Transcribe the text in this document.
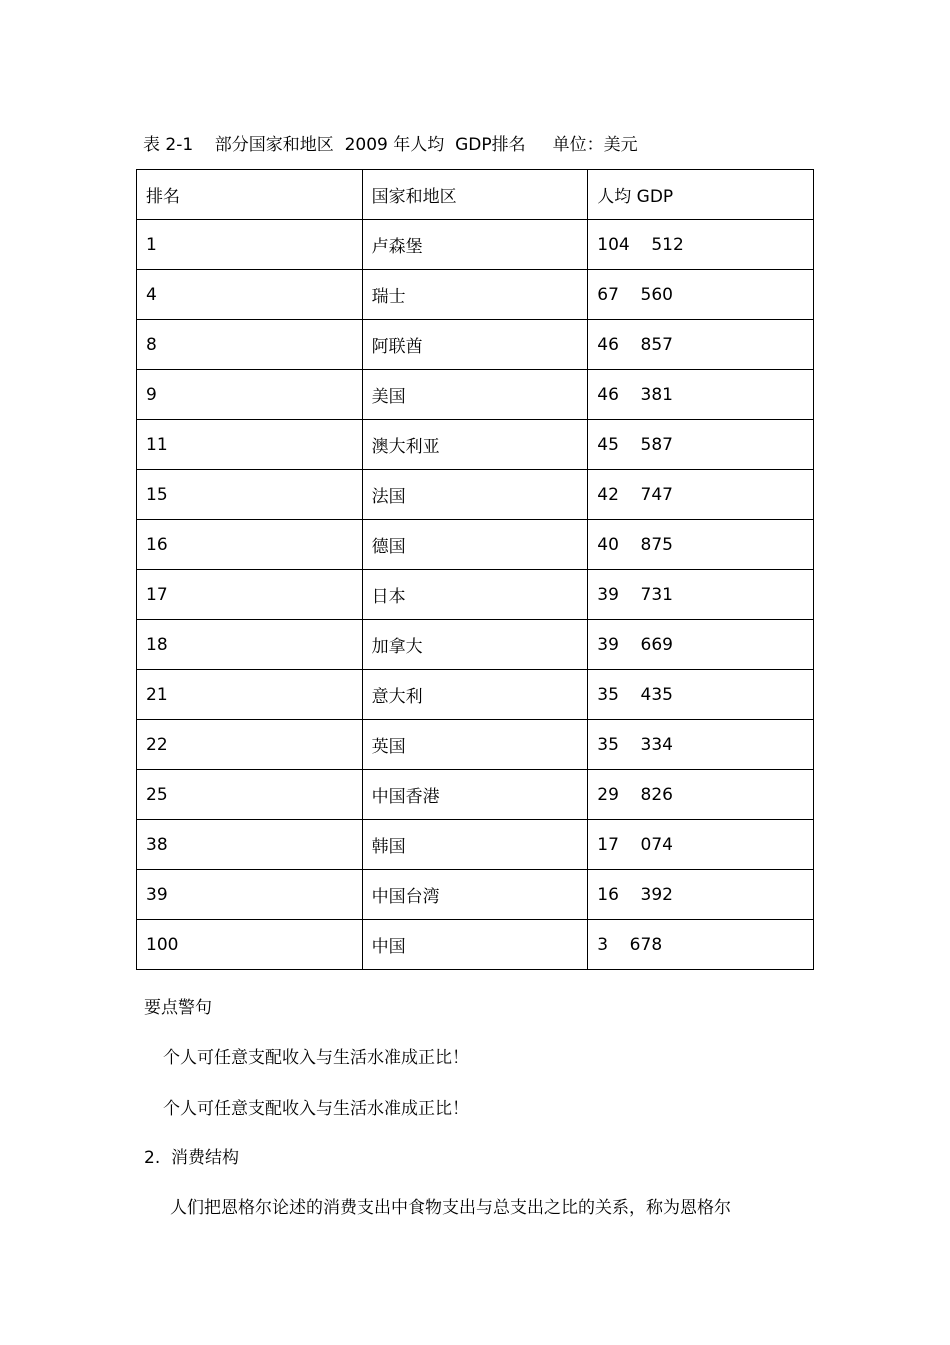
表 2-1    部分国家和地区  2009 年人均  GDP排名     单位：美元
排名	国家和地区	人均 GDP
1	卢森堡	104    512
4	瑞士	67    560
8	阿联酋	46    857
9	美国	46    381
11	澳大利亚	45    587
15	法国	42    747
16	德国	40    875
17	日本	39    731
18	加拿大	39    669
21	意大利	35    435
22	英国	35    334
25	中国香港	29    826
38	韩国	17    074
39	中国台湾	16    392
100	中国	3    678
要点警句
个人可任意支配收入与生活水准成正比！
个人可任意支配收入与生活水准成正比！
2.  消费结构
人们把恩格尔论述的消费支出中食物支出与总支出之比的关系，称为恩格尔
